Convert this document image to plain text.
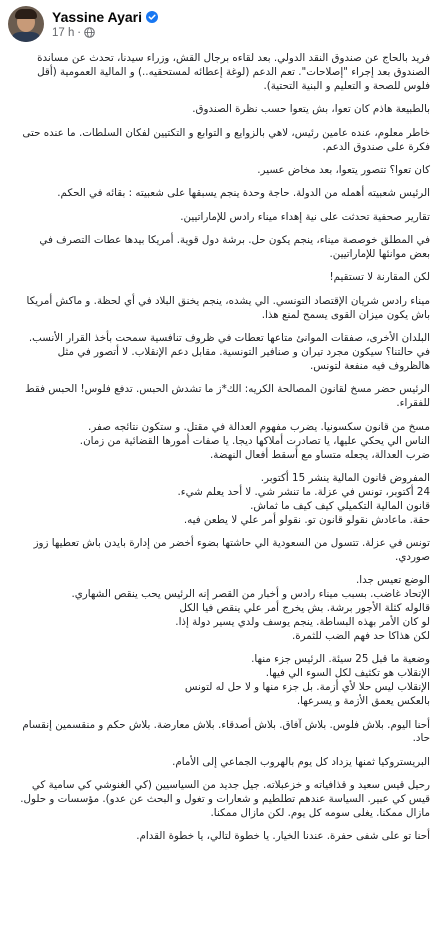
Yassine Ayari
17 h ·
فريد بالحاج عن صندوق النقد الدولي. بعد لقاءه برجال القش، وزراء سيدنا، تحدث عن مساندة
الصندوق بعد إجراء "إصلاحات". تعم الدعم (لوغة إعطائه لمستحقيه..) و المالية العمومية (أقل
فلوس للصحة و التعليم و البنية التحتية).
بالطبيعة هاذم كان تعوا، بش يتعوا حسب نظرة الصندوق.
خاطر معلوم، عنده عامين رئيس، لاهي بالزوايع و التوابع و التكتيين لفكان السلطات. ما عنده حتى
فكرة على صندوق الدعم.
كان تعوا؟ تتصور يتعوا، بعد مخاض عسير.
الرئيس شعبيته أهمله من الدولة. حاجة وحدة ينجم يسبقها على شعبيته : بقائه في الحكم.
تقارير صحفية تحدثت على نية إهداء ميناء رادس للإماراتيين.
في المطلق خوصصة ميناء، ينجم يكون حل. برشة دول قوية. أمريكا بيدها عطات التصرف في
بعض موانئها للإماراتيين.
لكن المقارنة لا تستقيم!
ميناء رادس شريان الإقتصاد التونسي. الي يشده، ينجم يخنق البلاد في أي لحظة. و ماكش أمريكا
باش يكون ميزان القوى يسمح لمنع هذا.
البلدان الأخرى، صفقات الموانئ متاعها تعطات في ظروف تنافسية سمحت بأخذ القرار الأنسب.
في حالتنا؟ سيكون مجرد تيران و صنافير التونسية. مقابل دعم الإنقلاب. لا أتصور في مثل
هالظروف فيه منفعة لتونس.
الرئيس حضر مسخ لقانون المصالحة الكريه: الك*ز ما تشدش الحبس. تدفع فلوس! الحبس فقط
للفقراء.
مسخ من قانون سكسونيا. يضرب مفهوم العدالة في مقتل. و ستكون نتائجه صفر.
الناس الي يحكي عليها، يا تصادرت أملاكها ديجا. يا صفات أمورها القضائية من زمان.
ضرب العدالة، يجعله متساو مع أسقط أفعال النهضة.
المفروض قانون المالية ينشر 15 أكتوبر.
24 أكتوبر، تونس في عزلة. ما تنشر شي. لا أحد يعلم شيء.
قانون المالية التكميلي كيف كيف ما ثماش.
حقة. ماعادش نقولو قانون تو. نقولو أمر علي لا يطعن فيه.
تونس في عزلة. تتسول من السعودية الي حاشتها بضوء أخضر من إدارة بايدن باش تعطيها زوز
صوردي.
الوضع تعيس جدا.
الإتحاد غاضب. بسبب ميناء رادس و أخبار من القصر إنه الرئيس يحب ينقص الشهاري.
قالوله كثلة الأجور برشة. بش يخرج أمر علي ينقص فيا الكل
لو كان الأمر بهذه البساطة. ينجم يوسف ولدي يسير دولة إذا.
لكن هذاكا حد فهم الضب للثمرة.
وضعية ما قبل 25 سيئة. الرئيس جزء منها.
الإنقلاب هو تكثيف لكل السوء الي فيها.
الإنقلاب ليس حلا لأي أزمة. بل جزء منها و لا حل له لتونس
بالعكس يعمق الأزمة و يسرعها.
أحنا اليوم. بلاش فلوس. بلاش آفاق. بلاش أصدقاء. بلاش معارضة. بلاش حكم و منقسمين إنقسام
حاد.
البريستروكيا ثمنها يزداد كل يوم بالهروب الجماعي إلى الأمام.
رحيل قيس سعيد و قذافياته و خزعبلاته. جيل جديد من السياسيين (كي الغنوشي كي سامية كي
قيس كي عبير. السياسة عندهم تطلطيم و شعارات و تغول و البحث عن عدو). مؤسسات و حلول.
مازال ممكنا. يغلى سومه كل يوم. لكن مازال ممكنا.
أحنا تو على شفى حفرة. عندنا الخيار. يا خطوة لتالي، يا خطوة القدام.
